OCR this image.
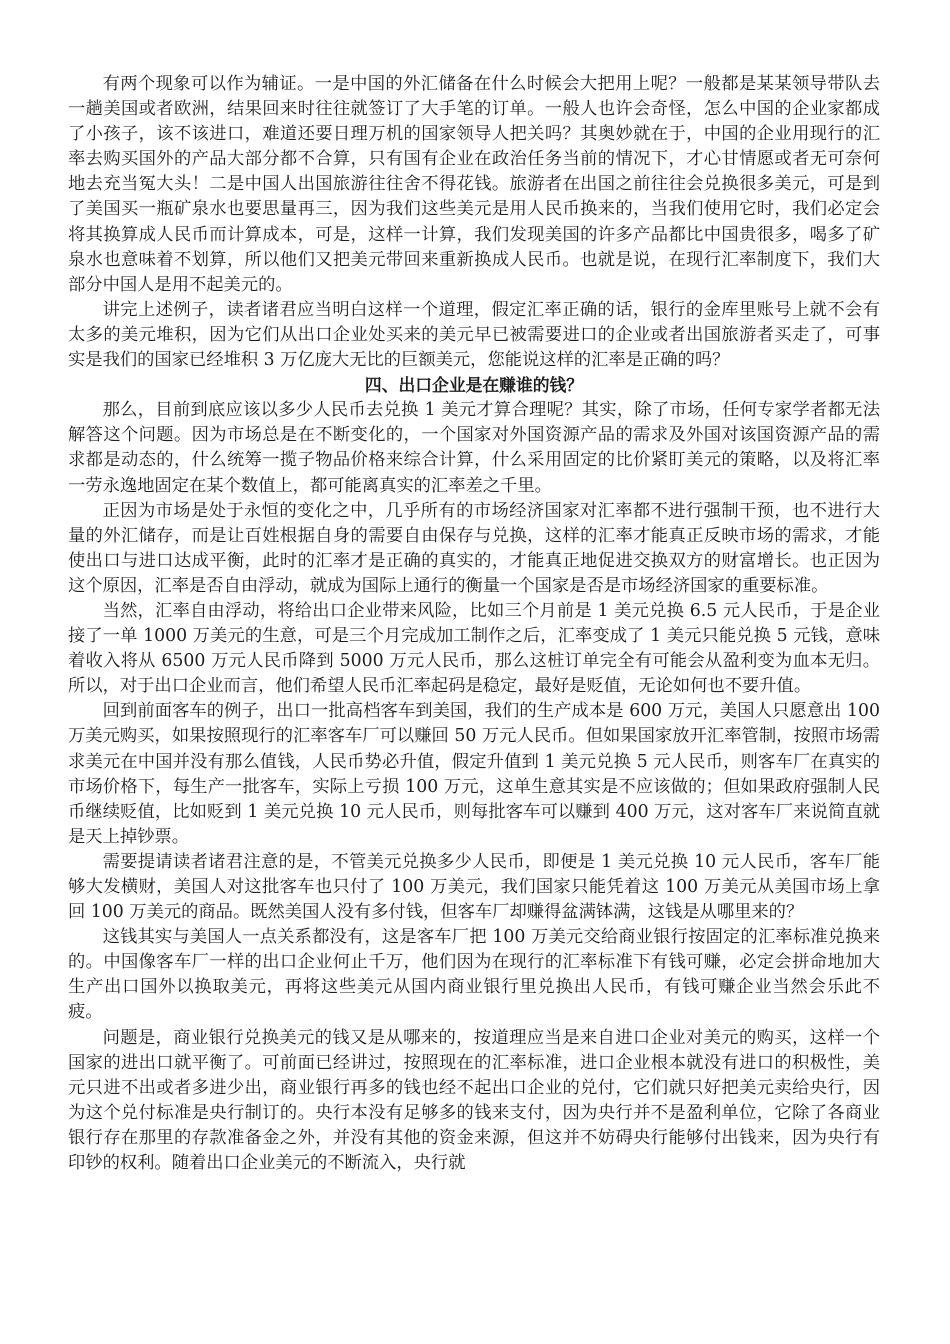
有两个现象可以作为辅证。一是中国的外汇储备在什么时候会大把用上呢？一般都是某某领导带队去一趟美国或者欧洲，结果回来时往往就签订了大手笔的订单。一般人也许会奇怪，怎么中国的企业家都成了小孩子，该不该进口，难道还要日理万机的国家领导人把关吗？其奥妙就在于，中国的企业用现行的汇率去购买国外的产品大部分都不合算，只有国有企业在政治任务当前的情况下，才心甘情愿或者无可奈何地去充当冤大头！二是中国人出国旅游往往舍不得花钱。旅游者在出国之前往往会兑换很多美元，可是到了美国买一瓶矿泉水也要思量再三，因为我们这些美元是用人民币换来的，当我们使用它时，我们必定会将其换算成人民币而计算成本，可是，这样一计算，我们发现美国的许多产品都比中国贵很多，喝多了矿泉水也意味着不划算，所以他们又把美元带回来重新换成人民币。也就是说，在现行汇率制度下，我们大部分中国人是用不起美元的。

讲完上述例子，读者诸君应当明白这样一个道理，假定汇率正确的话，银行的金库里账号上就不会有太多的美元堆积，因为它们从出口企业处买来的美元早已被需要进口的企业或者出国旅游者买走了，可事实是我们的国家已经堆积 3 万亿庞大无比的巨额美元，您能说这样的汇率是正确的吗？

四、出口企业是在赚谁的钱？

那么，目前到底应该以多少人民币去兑换 1 美元才算合理呢？其实，除了市场，任何专家学者都无法解答这个问题。因为市场总是在不断变化的，一个国家对外国资源产品的需求及外国对该国资源产品的需求都是动态的，什么统筹一揽子物品价格来综合计算，什么采用固定的比价紧盯美元的策略，以及将汇率一劳永逸地固定在某个数值上，都可能离真实的汇率差之千里。

正因为市场是处于永恒的变化之中，几乎所有的市场经济国家对汇率都不进行强制干预，也不进行大量的外汇储存，而是让百姓根据自身的需要自由保存与兑换，这样的汇率才能真正反映市场的需求，才能使出口与进口达成平衡，此时的汇率才是正确的真实的，才能真正地促进交换双方的财富增长。也正因为这个原因，汇率是否自由浮动，就成为国际上通行的衡量一个国家是否是市场经济国家的重要标准。

当然，汇率自由浮动，将给出口企业带来风险，比如三个月前是 1 美元兑换 6.5 元人民币，于是企业接了一单 1000 万美元的生意，可是三个月完成加工制作之后，汇率变成了 1 美元只能兑换 5 元钱，意味着收入将从 6500 万元人民币降到 5000 万元人民币，那么这桩订单完全有可能会从盈利变为血本无归。所以，对于出口企业而言，他们希望人民币汇率起码是稳定，最好是贬值，无论如何也不要升值。

回到前面客车的例子，出口一批高档客车到美国，我们的生产成本是 600 万元，美国人只愿意出 100 万美元购买，如果按照现行的汇率客车厂可以赚回 50 万元人民币。但如果国家放开汇率管制，按照市场需求美元在中国并没有那么值钱，人民币势必升值，假定升值到 1 美元兑换 5 元人民币，则客车厂在真实的市场价格下，每生产一批客车，实际上亏损 100 万元，这单生意其实是不应该做的；但如果政府强制人民币继续贬值，比如贬到 1 美元兑换 10 元人民币，则每批客车可以赚到 400 万元，这对客车厂来说简直就是天上掉钞票。

需要提请读者诸君注意的是，不管美元兑换多少人民币，即便是 1 美元兑换 10 元人民币，客车厂能够大发横财，美国人对这批客车也只付了 100 万美元，我们国家只能凭着这 100 万美元从美国市场上拿回 100 万美元的商品。既然美国人没有多付钱，但客车厂却赚得盆满钵满，这钱是从哪里来的？

这钱其实与美国人一点关系都没有，这是客车厂把 100 万美元交给商业银行按固定的汇率标准兑换来的。中国像客车厂一样的出口企业何止千万，他们因为在现行的汇率标准下有钱可赚，必定会拼命地加大生产出口国外以换取美元，再将这些美元从国内商业银行里兑换出人民币，有钱可赚企业当然会乐此不疲。

问题是，商业银行兑换美元的钱又是从哪来的，按道理应当是来自进口企业对美元的购买，这样一个国家的进出口就平衡了。可前面已经讲过，按照现在的汇率标准，进口企业根本就没有进口的积极性，美元只进不出或者多进少出，商业银行再多的钱也经不起出口企业的兑付，它们就只好把美元卖给央行，因为这个兑付标准是央行制订的。央行本没有足够多的钱来支付，因为央行并不是盈利单位，它除了各商业银行存在那里的存款准备金之外，并没有其他的资金来源，但这并不妨碍央行能够付出钱来，因为央行有印钞的权利。随着出口企业美元的不断流入，央行就
